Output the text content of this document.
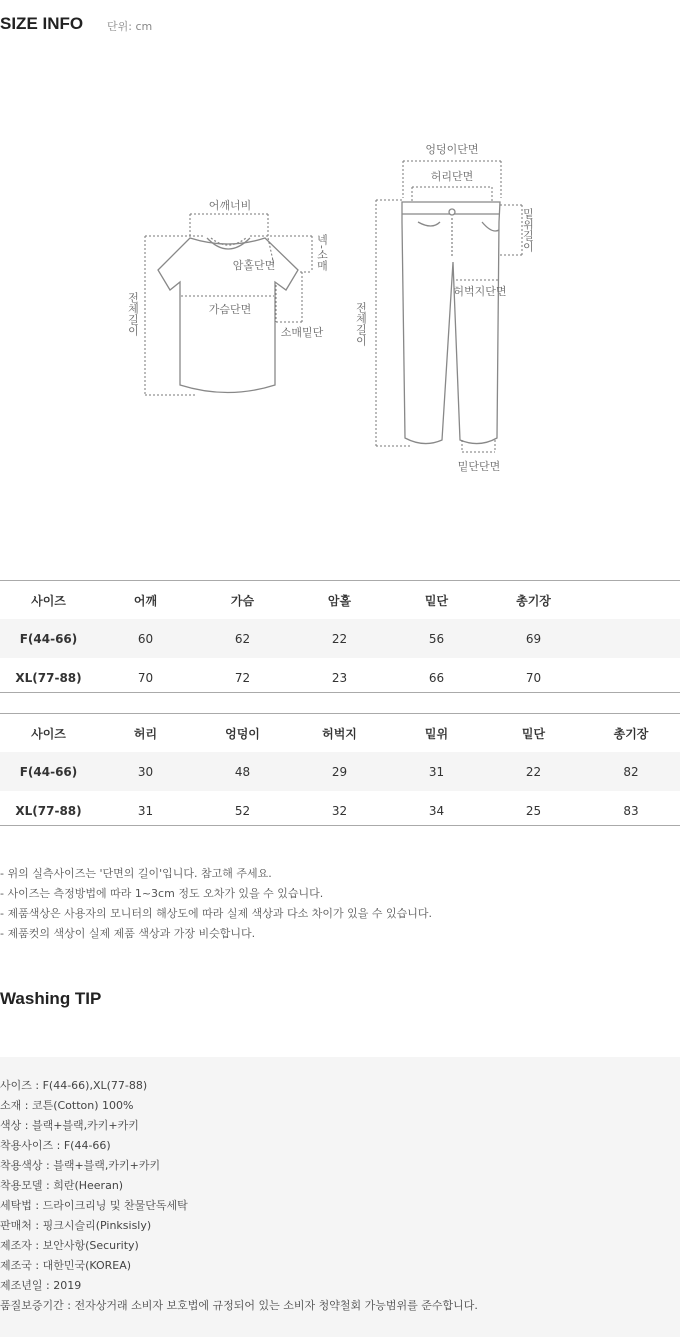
SIZE INFO 단위: cm
어깨너비
암홀단면
가슴단면
소매밑단
넥-소매
전체길이
엉덩이단면
허리단면
밑위길이
허벅지단면
밑단단면
전체길이
사이즈	어깨	가슴	암홀	밑단	총기장	
F(44-66)	60	62	22	56	69	
XL(77-88)	70	72	23	66	70	
사이즈	허리	엉덩이	허벅지	밑위	밑단	총기장
F(44-66)	30	48	29	31	22	82
XL(77-88)	31	52	32	34	25	83
- 위의 실측사이즈는 '단면의 길이'입니다. 참고해 주세요.
- 사이즈는 측정방법에 따라 1~3cm 정도 오차가 있을 수 있습니다.
- 제품색상은 사용자의 모니터의 해상도에 따라 실제 색상과 다소 차이가 있을 수 있습니다.
- 제품컷의 색상이 실제 제품 색상과 가장 비슷합니다.
Washing TIP
사이즈 : F(44-66),XL(77-88)
소재 : 코튼(Cotton) 100%
색상 : 블랙+블랙,카키+카키
착용사이즈 : F(44-66)
착용색상 : 블랙+블랙,카키+카키
착용모델 : 희란(Heeran)
세탁법 : 드라이크리닝 및 찬물단독세탁
판매처 : 핑크시슬리(Pinksisly)
제조자 : 보안사항(Security)
제조국 : 대한민국(KOREA)
제조년일 : 2019
품질보증기간 : 전자상거래 소비자 보호법에 규정되어 있는 소비자 청약철회 가능범위를 준수합니다.
